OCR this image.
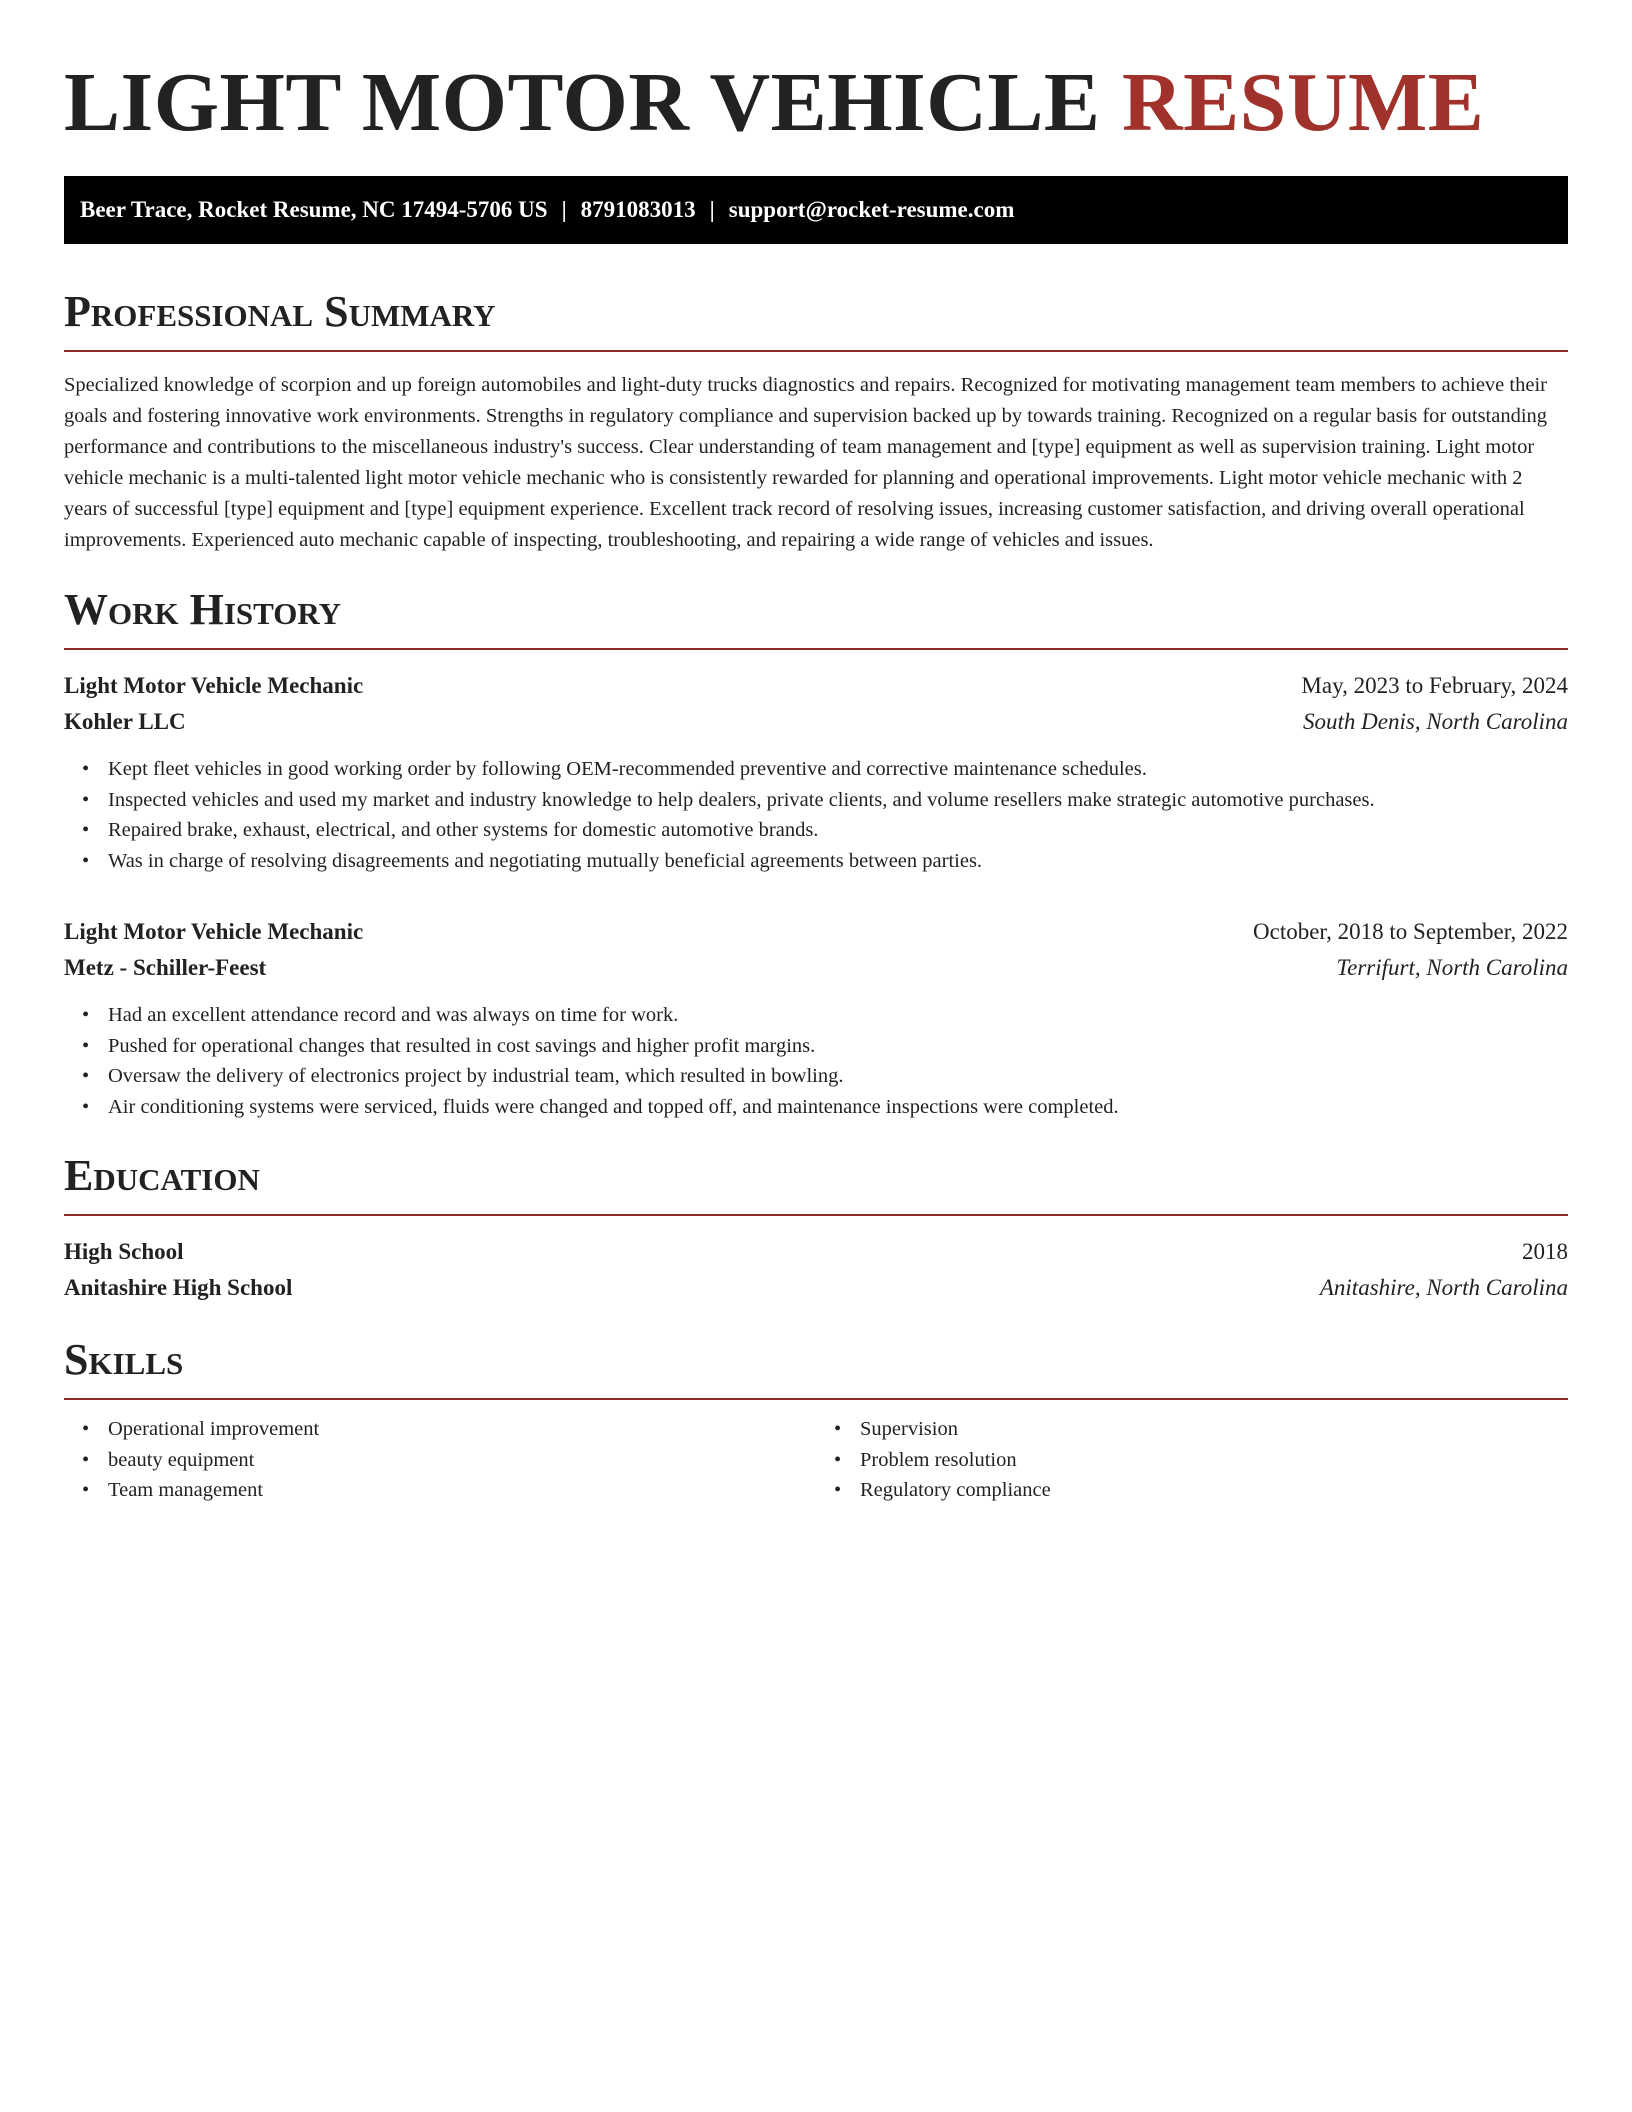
LIGHT MOTOR VEHICLE RESUME
Beer Trace, Rocket Resume, NC 17494-5706 US | 8791083013 | support@rocket-resume.com
Professional Summary

Specialized knowledge of scorpion and up foreign automobiles and light-duty trucks diagnostics and repairs. Recognized for motivating management team members to achieve their goals and fostering innovative work environments. Strengths in regulatory compliance and supervision backed up by towards training. Recognized on a regular basis for outstanding performance and contributions to the miscellaneous industry's success. Clear understanding of team management and [type] equipment as well as supervision training. Light motor vehicle mechanic is a multi-talented light motor vehicle mechanic who is consistently rewarded for planning and operational improvements. Light motor vehicle mechanic with 2 years of successful [type] equipment and [type] equipment experience. Excellent track record of resolving issues, increasing customer satisfaction, and driving overall operational improvements. Experienced auto mechanic capable of inspecting, troubleshooting, and repairing a wide range of vehicles and issues.

Work History
Light Motor Vehicle Mechanic	May, 2023 to February, 2024
Kohler LLC	South Denis, North Carolina
• Kept fleet vehicles in good working order by following OEM-recommended preventive and corrective maintenance schedules.
• Inspected vehicles and used my market and industry knowledge to help dealers, private clients, and volume resellers make strategic automotive purchases.
• Repaired brake, exhaust, electrical, and other systems for domestic automotive brands.
• Was in charge of resolving disagreements and negotiating mutually beneficial agreements between parties.
Light Motor Vehicle Mechanic	October, 2018 to September, 2022
Metz - Schiller-Feest	Terrifurt, North Carolina
• Had an excellent attendance record and was always on time for work.
• Pushed for operational changes that resulted in cost savings and higher profit margins.
• Oversaw the delivery of electronics project by industrial team, which resulted in bowling.
• Air conditioning systems were serviced, fluids were changed and topped off, and maintenance inspections were completed.
Education
High School	2018
Anitashire High School	Anitashire, North Carolina
Skills
• Operational improvement
• beauty equipment
• Team management
• Supervision
• Problem resolution
• Regulatory compliance
